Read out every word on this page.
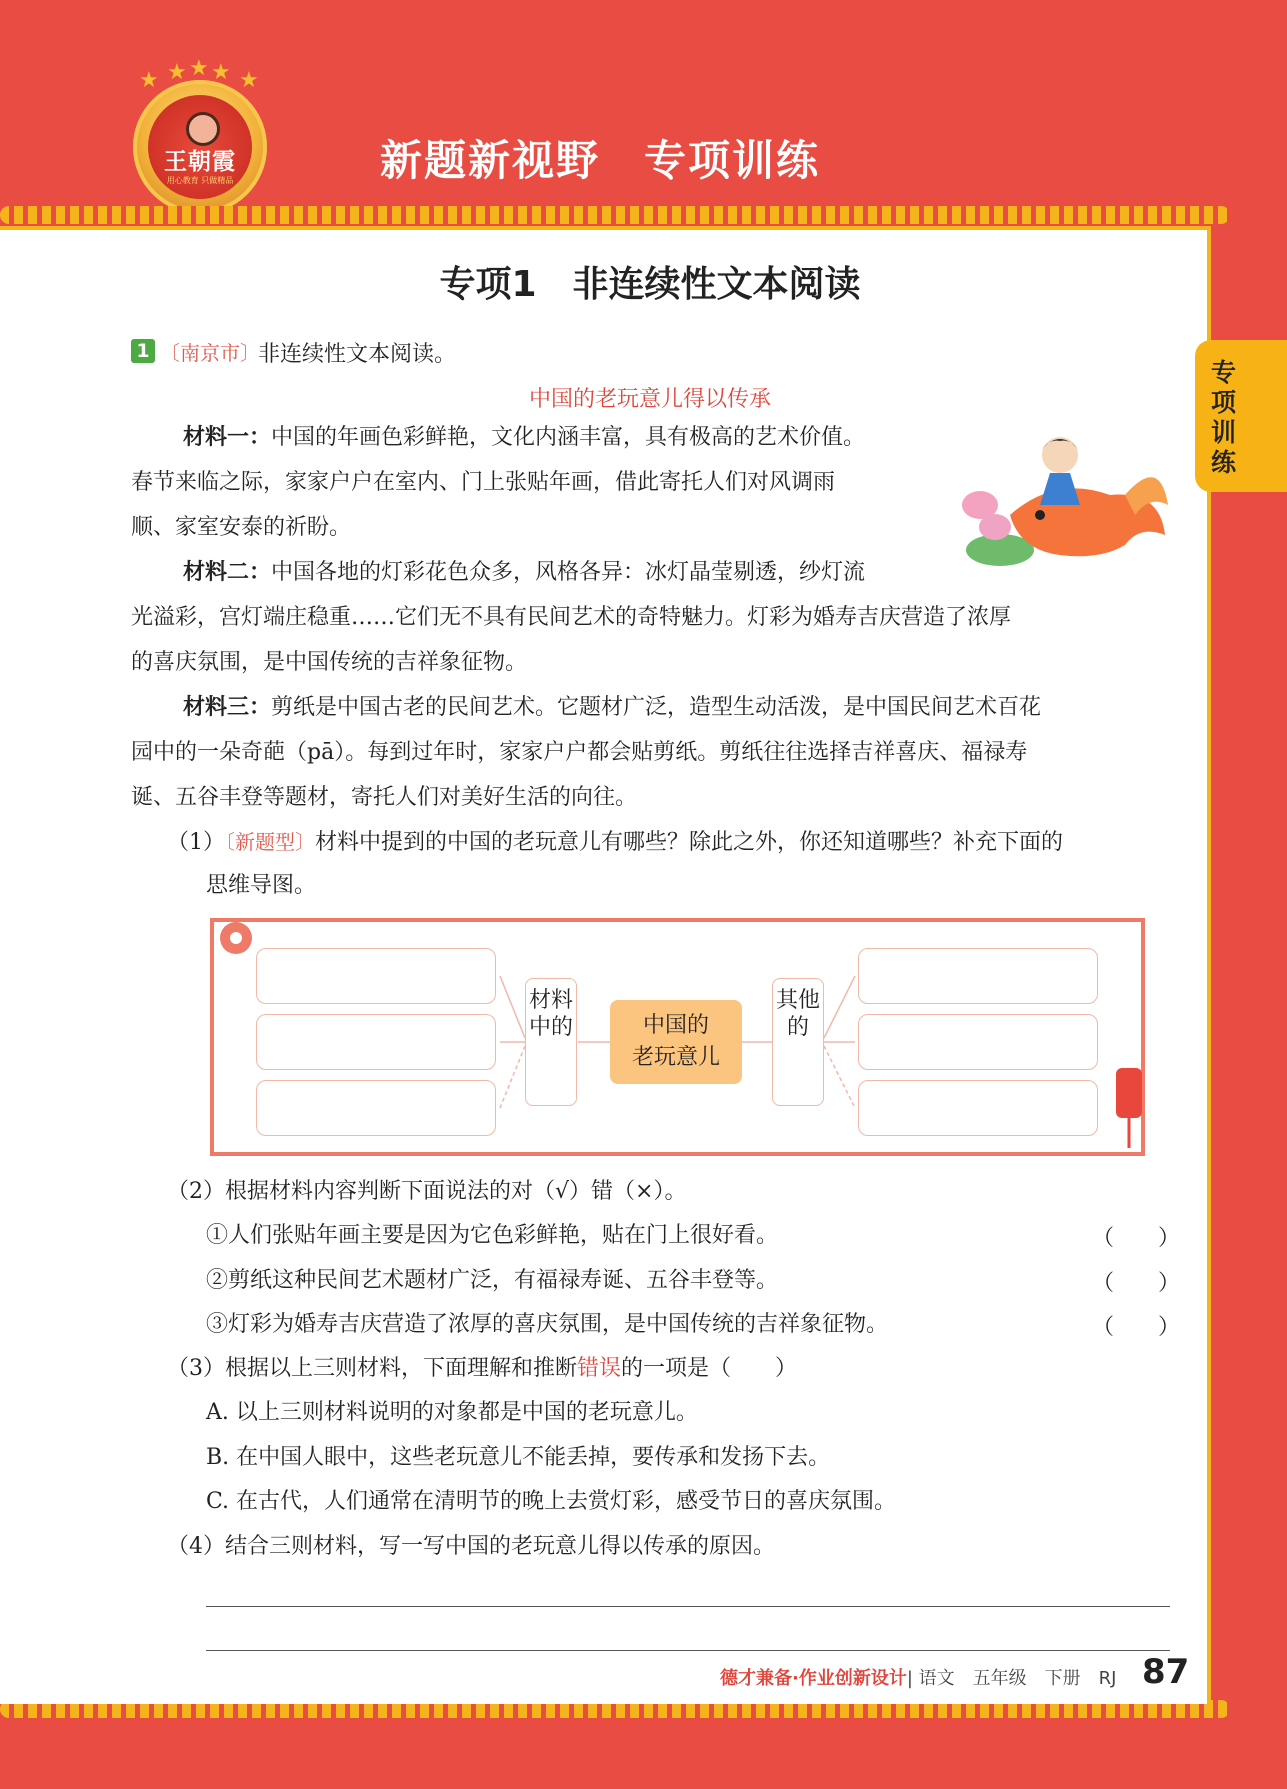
★ ★ ★ ★ ★
王朝霞
用心教育 只做精品	新题新视野　专项训练
专项训练
专项1　非连续性文本阅读
1 〔南京市〕
非连续性文本阅读。
中国的老玩意儿得以传承
材料一：中国的年画色彩鲜艳，文化内涵丰富，具有极高的艺术价值。
春节来临之际，家家户户在室内、门上张贴年画，借此寄托人们对风调雨
顺、家室安泰的祈盼。
材料二：中国各地的灯彩花色众多，风格各异：冰灯晶莹剔透，纱灯流
光溢彩，宫灯端庄稳重……它们无不具有民间艺术的奇特魅力。灯彩为婚寿吉庆营造了浓厚
的喜庆氛围，是中国传统的吉祥象征物。
材料三：剪纸是中国古老的民间艺术。它题材广泛，造型生动活泼，是中国民间艺术百花
园中的一朵奇葩（pā）。每到过年时，家家户户都会贴剪纸。剪纸往往选择吉祥喜庆、福禄寿
诞、五谷丰登等题材，寄托人们对美好生活的向往。
（1）〔新题型〕材料中提到的中国的老玩意儿有哪些？除此之外，你还知道哪些？补充下面的
思维导图。
材料中的	中国的
老玩意儿
其他的
（2）根据材料内容判断下面说法的对（√）错（×）。
①人们张贴年画主要是因为它色彩鲜艳，贴在门上很好看。	（　　）
②剪纸这种民间艺术题材广泛，有福禄寿诞、五谷丰登等。	（　　）
③灯彩为婚寿吉庆营造了浓厚的喜庆氛围，是中国传统的吉祥象征物。	（　　）
（3）根据以上三则材料，下面理解和推断错误的一项是（　　）
A. 以上三则材料说明的对象都是中国的老玩意儿。
B. 在中国人眼中，这些老玩意儿不能丢掉，要传承和发扬下去。
C. 在古代，人们通常在清明节的晚上去赏灯彩，感受节日的喜庆氛围。
（4）结合三则材料，写一写中国的老玩意儿得以传承的原因。
德才兼备·作业创新设计| 语文　五年级　下册　RJ 87
